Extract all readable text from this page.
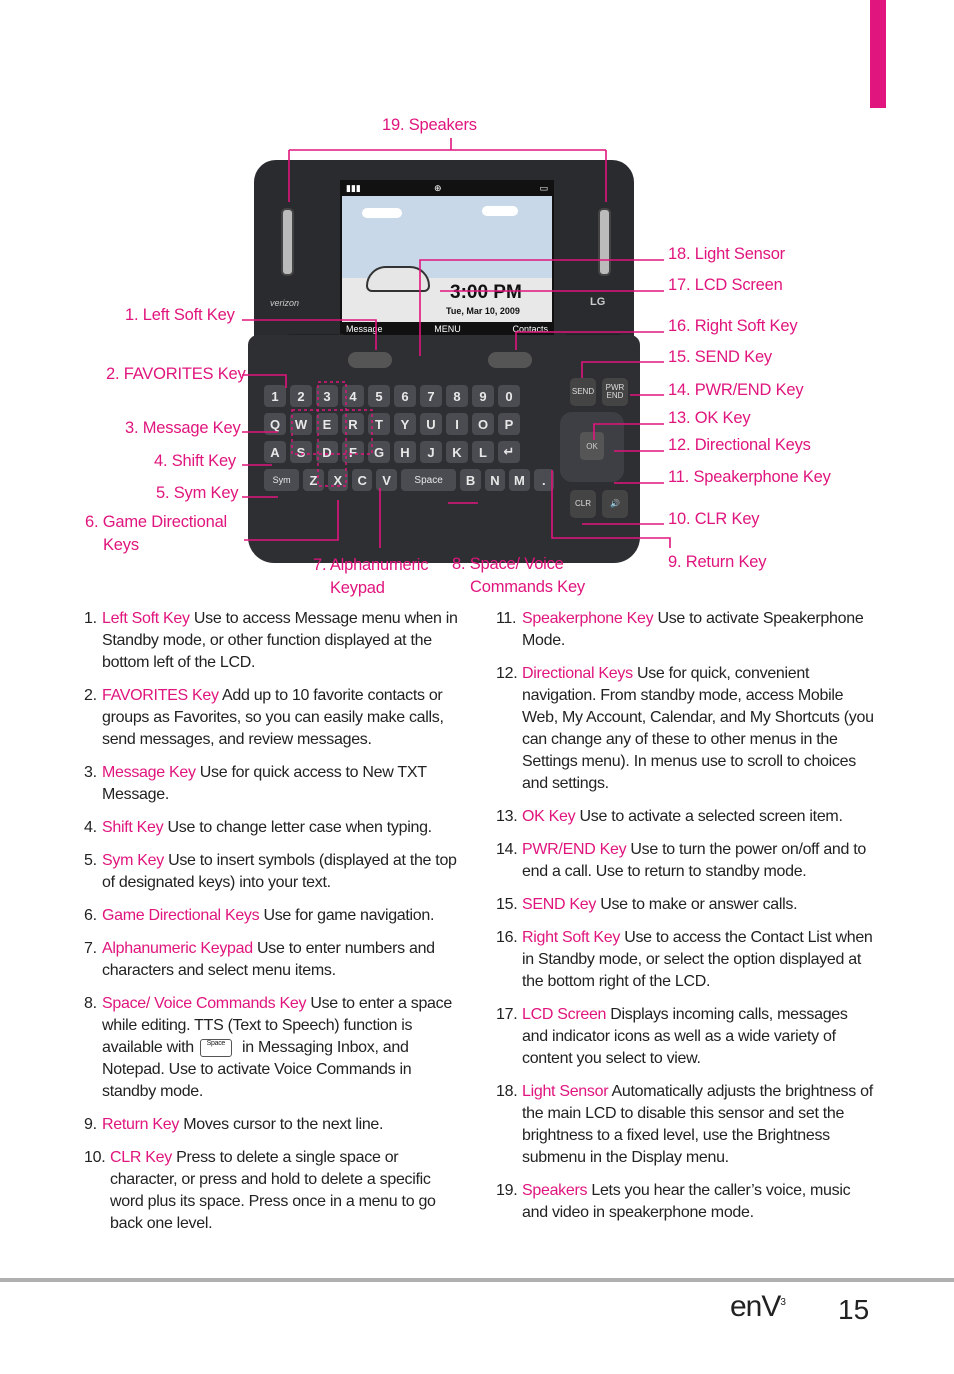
▮▮▮	⊕	▭
3:00 PM
Tue, Mar 10, 2009
Message	MENU	Contacts
verizon	LG
1	2	3	4	5	6	7	8	9	0
Q	W	E	R	T	Y	U	I	O	P
A	S	D	F	G	H	J	K	L	↵
Sym	Z	X	C	V	Space	B	N	M	.
SEND	PWR END
OK
CLR	🔊
19. Speakers
18. Light Sensor
17. LCD Screen
16. Right Soft Key
15. SEND Key
14. PWR/END Key
13. OK Key
12. Directional Keys
11. Speakerphone Key
10. CLR Key
9. Return Key
1. Left Soft Key
2. FAVORITES Key
3. Message Key
4. Shift Key
5. Sym Key
6. Game Directional
Keys
7. Alphanumeric
Keypad
8. Space/ Voice
Commands Key
1. Left Soft Key Use to access Message menu when in Standby mode, or other function displayed at the bottom left of the LCD.
2. FAVORITES Key Add up to 10 favorite contacts or groups as Favorites, so you can easily make calls, send messages, and review messages.
3. Message Key Use for quick access to New TXT Message.
4. Shift Key Use to change letter case when typing.
5. Sym Key Use to insert symbols (displayed at the top of designated keys) into your text.
6. Game Directional Keys Use for game navigation.
7. Alphanumeric Keypad Use to enter numbers and characters and select menu items.
8. Space/ Voice Commands Key Use to enter a space while editing. TTS (Text to Speech) function is available with Space in Messaging Inbox, and Notepad. Use to activate Voice Commands in standby mode.
9. Return Key Moves cursor to the next line.
10. CLR Key Press to delete a single space or character, or press and hold to delete a specific word plus its space. Press once in a menu to go back one level.
11. Speakerphone Key Use to activate Speakerphone Mode.
12. Directional Keys Use for quick, convenient navigation. From standby mode, access Mobile Web, My Account, Calendar, and My Shortcuts (you can change any of these to other menus in the Settings menu). In menus use to scroll to choices and settings.
13. OK Key Use to activate a selected screen item.
14. PWR/END Key Use to turn the power on/off and to end a call. Use to return to standby mode.
15. SEND Key Use to make or answer calls.
16. Right Soft Key Use to access the Contact List when in Standby mode, or select the option displayed at the bottom right of the LCD.
17. LCD Screen Displays incoming calls, messages and indicator icons as well as a wide variety of content you select to view.
18. Light Sensor Automatically adjusts the brightness of the main LCD to disable this sensor and set the brightness to a fixed level, use the Brightness submenu in the Display menu.
19. Speakers Lets you hear the caller’s voice, music and video in speakerphone mode.
enV$^3$ 15
